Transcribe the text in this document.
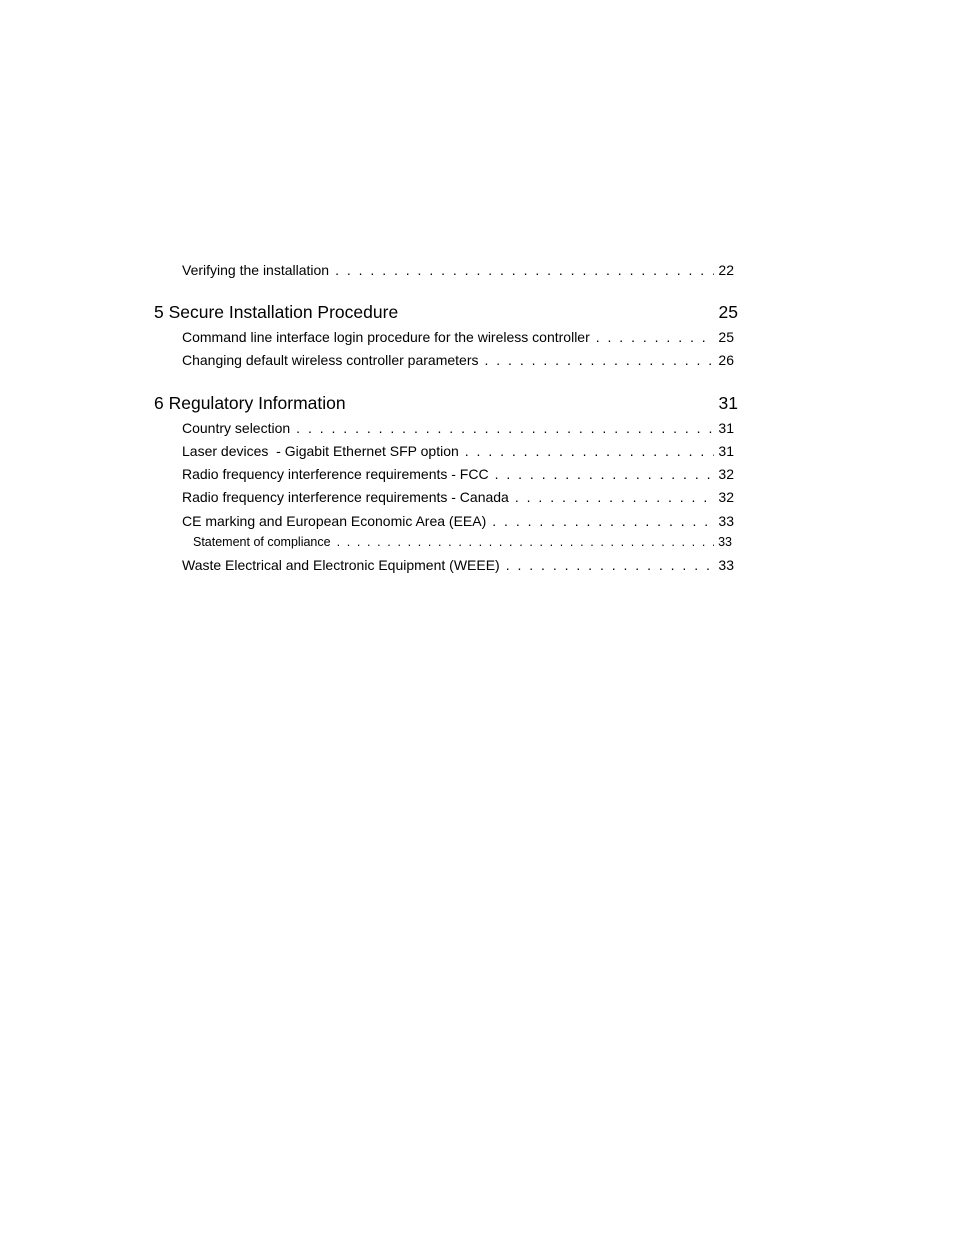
Verifying the installation . . .	22
5 Secure Installation Procedure	25
Command line interface login procedure for the wireless controller . . .	25
Changing default wireless controller parameters . . .	26
6 Regulatory Information	31
Country selection . . .	31
Laser devices  - Gigabit Ethernet SFP option . . .	31
Radio frequency interference requirements - FCC . . .	32
Radio frequency interference requirements - Canada . . .	32
CE marking and European Economic Area (EEA) . . .	33
Statement of compliance . . .	33
Waste Electrical and Electronic Equipment (WEEE) . . .	33
